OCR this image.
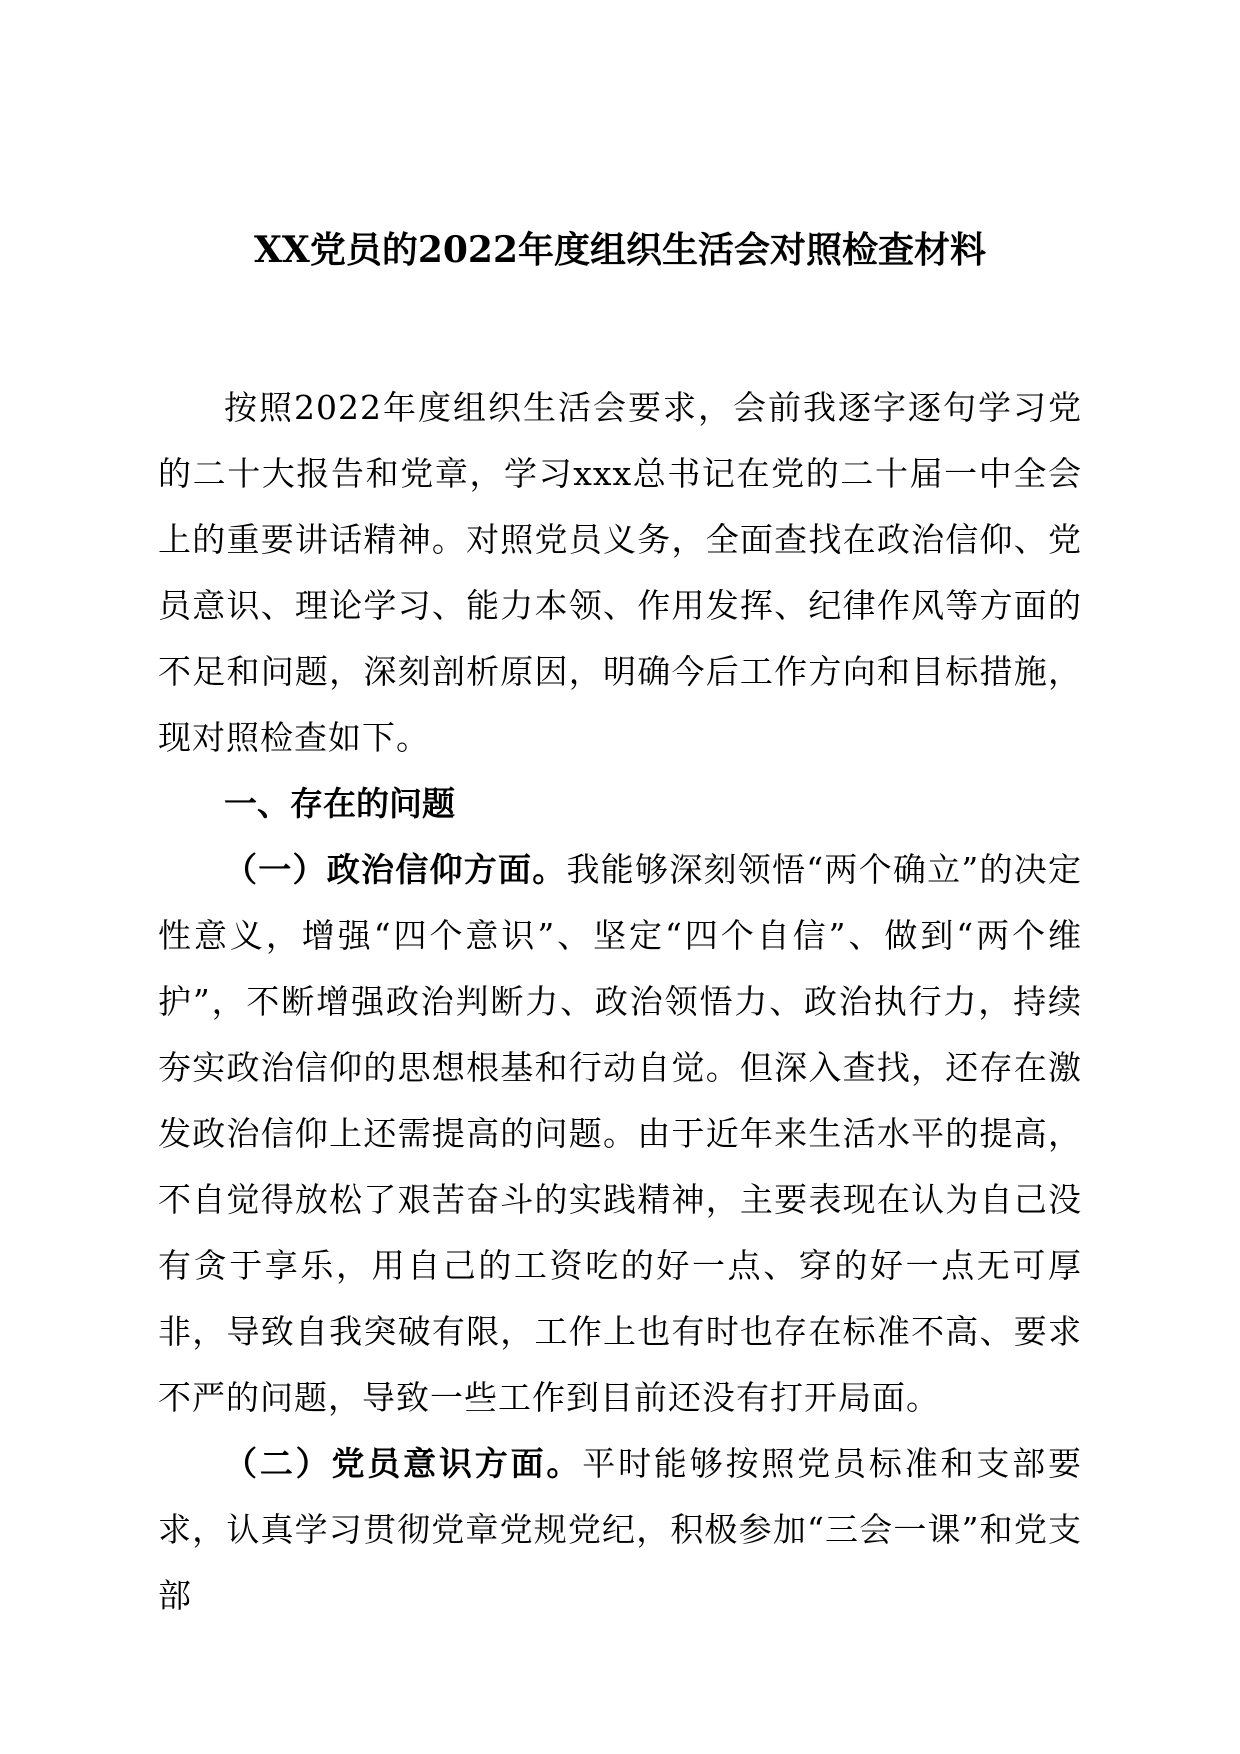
XX党员的2022年度组织生活会对照检查材料

按照2022年度组织生活会要求，会前我逐字逐句学习党的二十大报告和党章，学习xxx总书记在党的二十届一中全会上的重要讲话精神。对照党员义务，全面查找在政治信仰、党员意识、理论学习、能力本领、作用发挥、纪律作风等方面的不足和问题，深刻剖析原因，明确今后工作方向和目标措施，现对照检查如下。

一、存在的问题

（一）政治信仰方面。我能够深刻领悟“两个确立”的决定性意义，增强“四个意识”、坚定“四个自信”、做到“两个维护”，不断增强政治判断力、政治领悟力、政治执行力，持续夯实政治信仰的思想根基和行动自觉。但深入查找，还存在激发政治信仰上还需提高的问题。由于近年来生活水平的提高，不自觉得放松了艰苦奋斗的实践精神，主要表现在认为自己没有贪于享乐，用自己的工资吃的好一点、穿的好一点无可厚非，导致自我突破有限，工作上也有时也存在标准不高、要求不严的问题，导致一些工作到目前还没有打开局面。

（二）党员意识方面。平时能够按照党员标准和支部要求，认真学习贯彻党章党规党纪，积极参加“三会一课”和党支部
